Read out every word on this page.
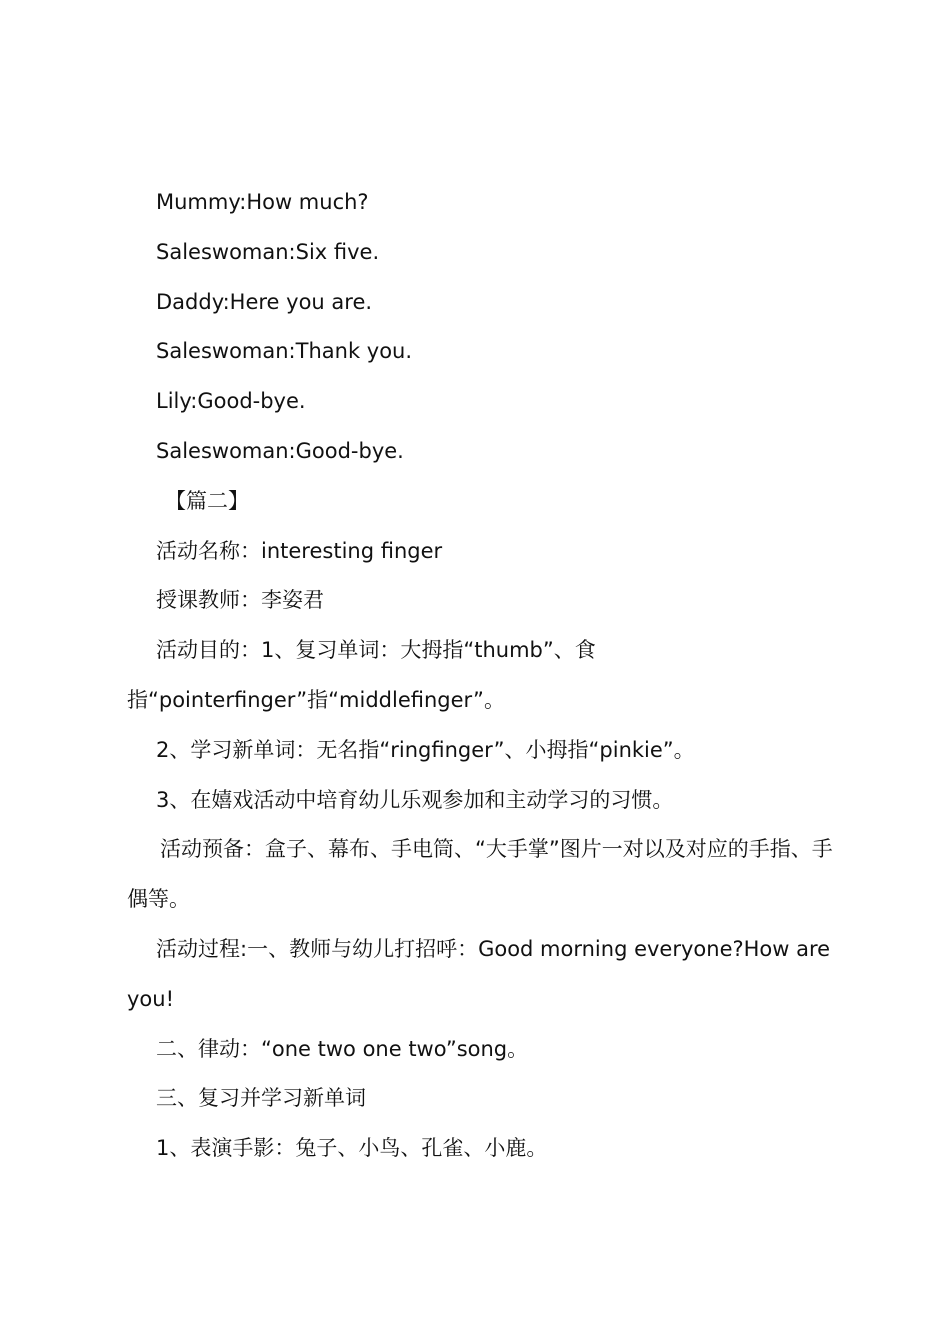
Mummy:How much?

Saleswoman:Six five.

Daddy:Here you are.

Saleswoman:Thank you.

Lily:Good-bye.

Saleswoman:Good-bye.

【篇二】

活动名称：interesting finger

授课教师：李姿君

活动目的：1、复习单词：大拇指“thumb”、食指“pointerfinger”指“middlefinger”。

2、学习新单词：无名指“ringfinger”、小拇指“pinkie”。

3、在嬉戏活动中培育幼儿乐观参加和主动学习的习惯。

活动预备：盒子、幕布、手电筒、“大手掌”图片一对以及对应的手指、手偶等。

活动过程:一、教师与幼儿打招呼：Good morning everyone?How are you!

二、律动：“one two one two”song。

三、复习并学习新单词

1、表演手影：兔子、小鸟、孔雀、小鹿。
